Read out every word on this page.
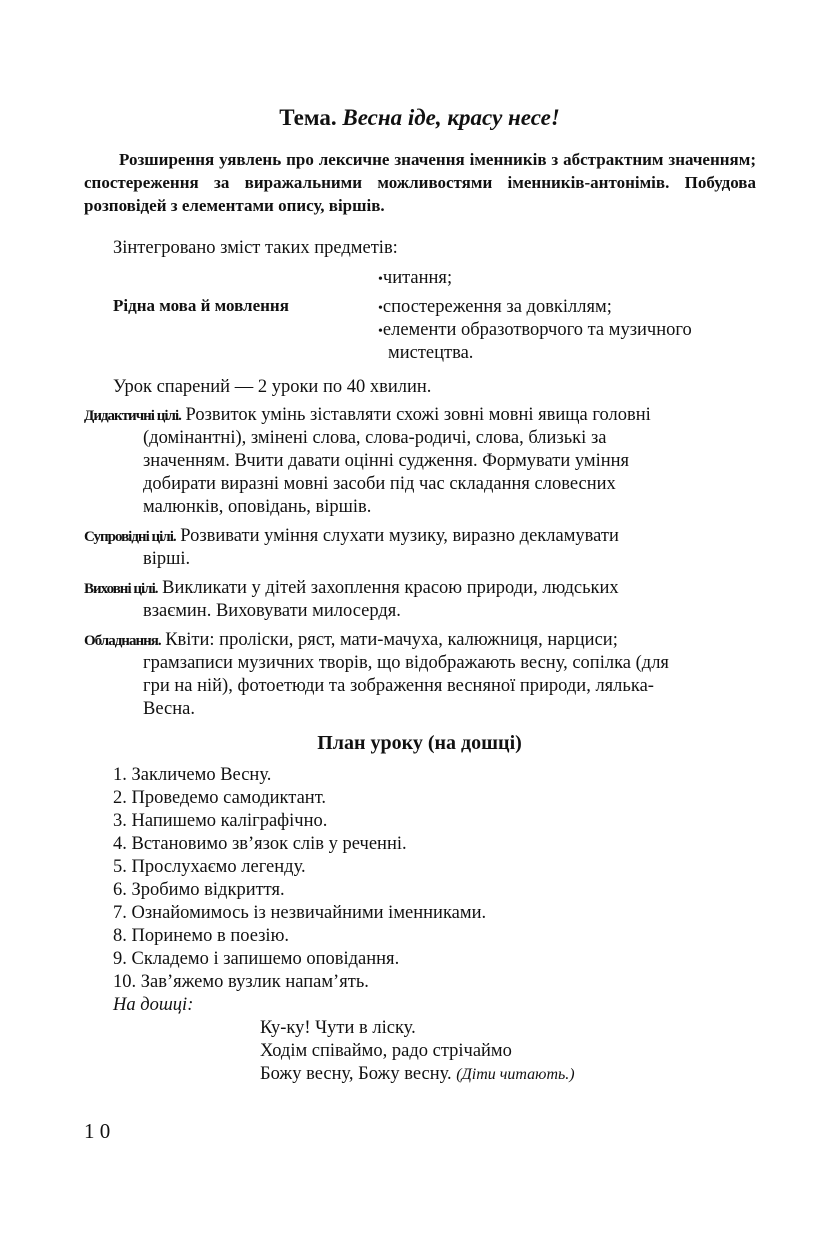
Тема. Весна іде, красу несе!
Розширення уявлень про лексичне значення іменників з абстрактним значенням; спостереження за виражальними можливостями іменників-антонімів. Побудова розповідей з елементами опису, віршів.
Зінтегровано зміст таких предметів:
Рідна мова й мовлення
•читання;
•спостереження за довкіллям;
•елементи образотворчого та музичного
мистецтва.
Урок спарений — 2 уроки по 40 хвилин.
Дидактичні цілі. Розвиток умінь зіставляти схожі зовні мовні явища головні
(домінантні), змінені слова, слова-родичі, слова, близькі за
значенням. Вчити давати оцінні судження. Формувати уміння
добирати виразні мовні засоби під час складання словесних
малюнків, оповідань, віршів.
Супровідні цілі. Розвивати уміння слухати музику, виразно декламувати
вірші.
Виховні цілі. Викликати у дітей захоплення красою природи, людських
взаємин. Виховувати милосердя.
Обладнання. Квіти: проліски, ряст, мати-мачуха, калюжниця, нарциси;
грамзаписи музичних творів, що відображають весну, сопілка (для
гри на ній), фотоетюди та зображення весняної природи, лялька-
Весна.
План уроку (на дошці)
1. Закличемо Весну.
2. Проведемо самодиктант.
3. Напишемо каліграфічно.
4. Встановимо зв’язок слів у реченні.
5. Прослухаємо легенду.
6. Зробимо відкриття.
7. Ознайомимось із незвичайними іменниками.
8. Поринемо в поезію.
9. Складемо і запишемо оповідання.
10. Зав’яжемо вузлик напам’ять.
На дошці:
Ку-ку! Чути в ліску.
Ходім співаймо, радо стрічаймо
Божу весну, Божу весну. (Діти читають.)
1 0
